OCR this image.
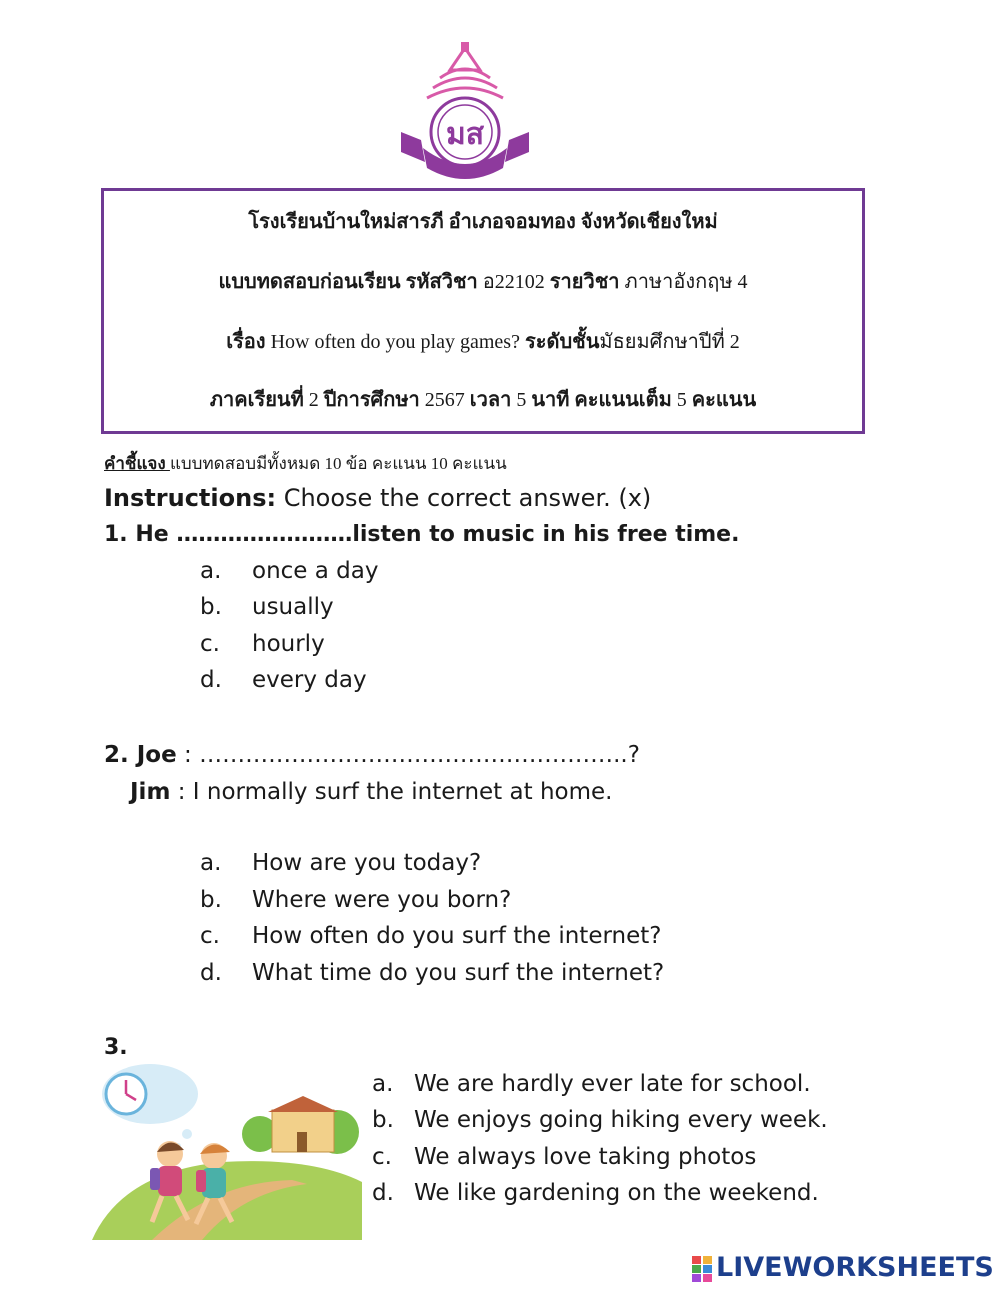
มส
โรงเรียนบ้านใหม่สารภี อำเภอจอมทอง จังหวัดเชียงใหม่
แบบทดสอบก่อนเรียน รหัสวิชา อ22102 รายวิชา ภาษาอังกฤษ 4
เรื่อง How often do you play games? ระดับชั้นมัธยมศึกษาปีที่ 2
ภาคเรียนที่ 2 ปีการศึกษา 2567 เวลา 5 นาที คะแนนเต็ม 5 คะแนน
คำชี้แจง แบบทดสอบมีทั้งหมด 10 ข้อ คะแนน 10 คะแนน
Instructions: Choose the correct answer. (x)
1. He ……………………listen to music in his free time.
a. once a day
b. usually
c. hourly
d. every day
2. Joe : ………………………………………………..?
Jim : I normally surf the internet at home.
a. How are you today?
b. Where were you born?
c. How often do you surf the internet?
d. What time do you surf the internet?
3.
a. We are hardly ever late for school.
b. We enjoys going hiking every week.
c. We always love taking photos
d. We like gardening on the weekend.
LIVEWORKSHEETS
